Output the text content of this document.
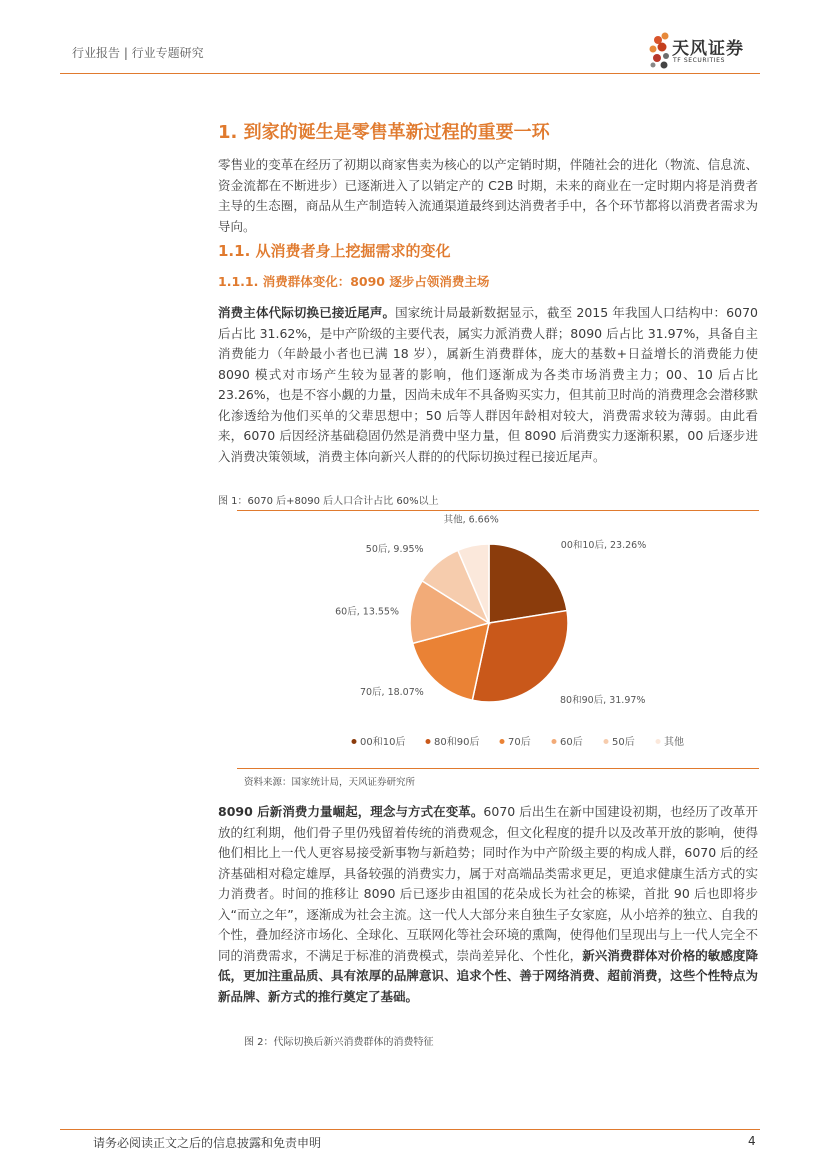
行业报告 | 行业专题研究	天风证券
TF SECURITIES
1. 到家的诞生是零售革新过程的重要一环
零售业的变革在经历了初期以商家售卖为核心的以产定销时期，伴随社会的进化（物流、信息流、资金流都在不断进步）已逐渐进入了以销定产的 C2B 时期，未来的商业在一定时期内将是消费者主导的生态圈，商品从生产制造转入流通渠道最终到达消费者手中，各个环节都将以消费者需求为导向。
1.1. 从消费者身上挖掘需求的变化
1.1.1. 消费群体变化：8090 逐步占领消费主场
消费主体代际切换已接近尾声。国家统计局最新数据显示，截至 2015 年我国人口结构中：6070 后占比 31.62%，是中产阶级的主要代表，属实力派消费人群；8090 后占比 31.97%，具备自主消费能力（年龄最小者也已满 18 岁），属新生消费群体，庞大的基数+日益增长的消费能力使 8090 模式对市场产生较为显著的影响，他们逐渐成为各类市场消费主力；00、10 后占比 23.26%，也是不容小觑的力量，因尚未成年不具备购买实力，但其前卫时尚的消费理念会潜移默化渗透给为他们买单的父辈思想中；50 后等人群因年龄相对较大，消费需求较为薄弱。由此看来，6070 后因经济基础稳固仍然是消费中坚力量，但 8090 后消费实力逐渐积累，00 后逐步进入消费决策领域，消费主体向新兴人群的的代际切换过程已接近尾声。
图 1：6070 后+8090 后人口合计占比 60%以上
00和10后, 23.26%
80和90后, 31.97%
70后, 18.07%
60后, 13.55%
50后, 9.95%
其他, 6.66%
00和10后	80和90后	70后	60后	50后	其他
资料来源：国家统计局，天风证券研究所
8090 后新消费力量崛起，理念与方式在变革。6070 后出生在新中国建设初期，也经历了改革开放的红利期，他们骨子里仍残留着传统的消费观念，但文化程度的提升以及改革开放的影响，使得他们相比上一代人更容易接受新事物与新趋势；同时作为中产阶级主要的构成人群，6070 后的经济基础相对稳定雄厚，具备较强的消费实力，属于对高端品类需求更足，更追求健康生活方式的实力消费者。时间的推移让 8090 后已逐步由祖国的花朵成长为社会的栋梁，首批 90 后也即将步入“而立之年”，逐渐成为社会主流。这一代人大部分来自独生子女家庭，从小培养的独立、自我的个性，叠加经济市场化、全球化、互联网化等社会环境的熏陶，使得他们呈现出与上一代人完全不同的消费需求，不满足于标准的消费模式，崇尚差异化、个性化，新兴消费群体对价格的敏感度降低，更加注重品质、具有浓厚的品牌意识、追求个性、善于网络消费、超前消费，这些个性特点为新品牌、新方式的推行奠定了基础。
图 2：代际切换后新兴消费群体的消费特征
请务必阅读正文之后的信息披露和免责申明	4
